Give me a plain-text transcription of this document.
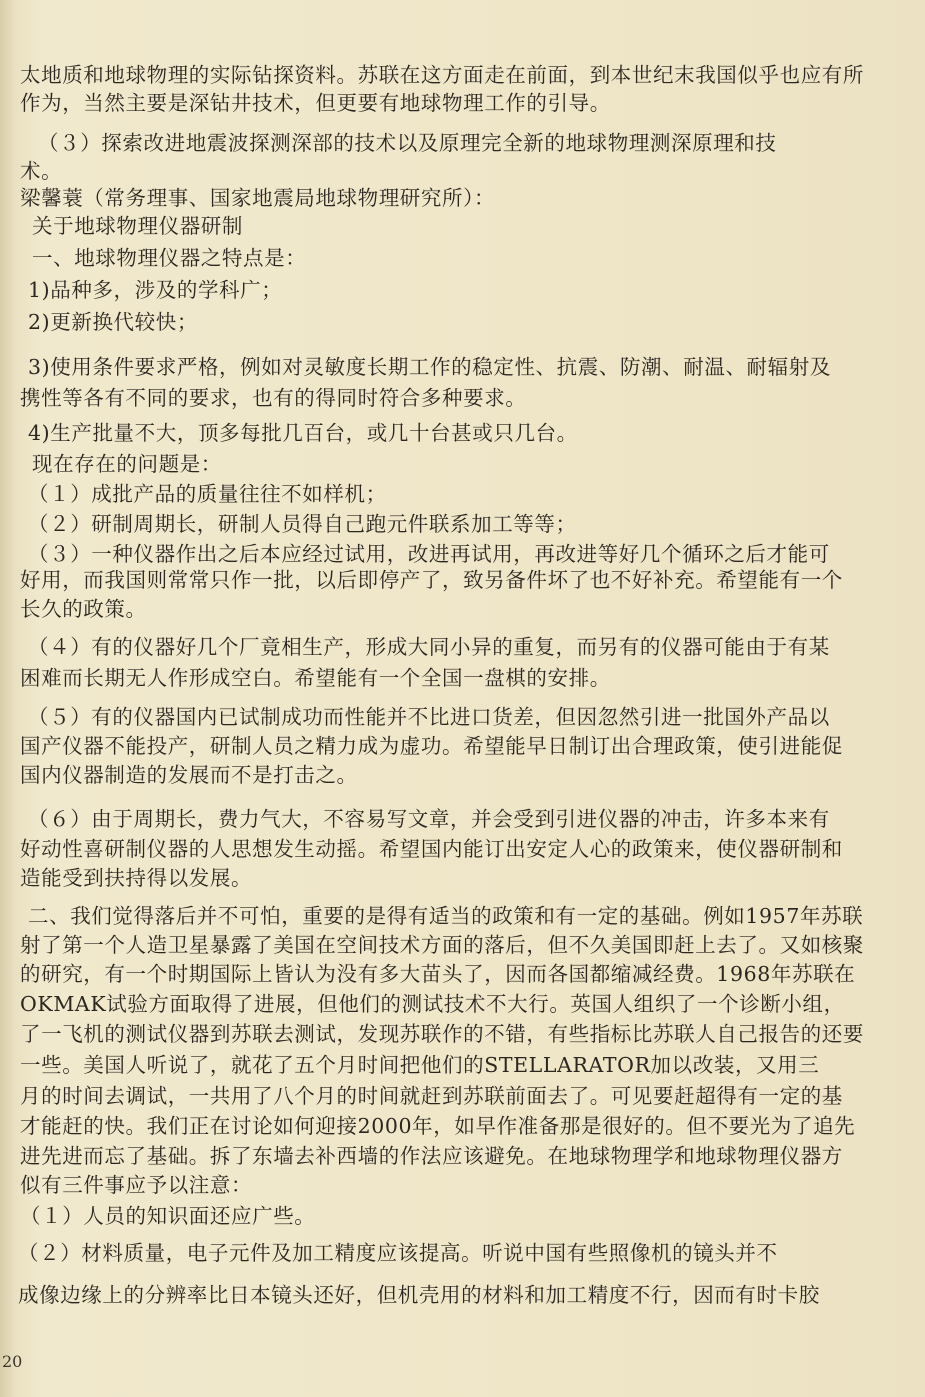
太地质和地球物理的实际钻探资料。苏联在这方面走在前面，到本世纪末我国似乎也应有所
作为，当然主要是深钻井技术，但更要有地球物理工作的引导。
（３）探索改进地震波探测深部的技术以及原理完全新的地球物理测深原理和技
术。
梁馨蓑（常务理事、国家地震局地球物理研究所）：
关于地球物理仪器研制
一、地球物理仪器之特点是：
1)品种多，涉及的学科广；
2)更新换代较快；
3)使用条件要求严格，例如对灵敏度长期工作的稳定性、抗震、防潮、耐温、耐辐射及
携性等各有不同的要求，也有的得同时符合多种要求。
4)生产批量不大，顶多每批几百台，或几十台甚或只几台。
现在存在的问题是：
（１）成批产品的质量往往不如样机；
（２）研制周期长，研制人员得自己跑元件联系加工等等；
（３）一种仪器作出之后本应经过试用，改进再试用，再改进等好几个循环之后才能可
好用，而我国则常常只作一批，以后即停产了，致另备件坏了也不好补充。希望能有一个
长久的政策。
（４）有的仪器好几个厂竟相生产，形成大同小异的重复，而另有的仪器可能由于有某
困难而长期无人作形成空白。希望能有一个全国一盘棋的安排。
（５）有的仪器国内已试制成功而性能并不比进口货差，但因忽然引进一批国外产品以
国产仪器不能投产，研制人员之精力成为虚功。希望能早日制订出合理政策，使引进能促
国内仪器制造的发展而不是打击之。
（６）由于周期长，费力气大，不容易写文章，并会受到引进仪器的冲击，许多本来有
好动性喜研制仪器的人思想发生动摇。希望国内能订出安定人心的政策来，使仪器研制和
造能受到扶持得以发展。
二、我们觉得落后并不可怕，重要的是得有适当的政策和有一定的基础。例如1957年苏联
射了第一个人造卫星暴露了美国在空间技术方面的落后，但不久美国即赶上去了。又如核聚
的研究，有一个时期国际上皆认为没有多大苗头了，因而各国都缩减经费。1968年苏联在
OKMAK试验方面取得了进展，但他们的测试技术不大行。英国人组织了一个诊断小组，
了一飞机的测试仪器到苏联去测试，发现苏联作的不错，有些指标比苏联人自己报告的还要
一些。美国人听说了，就花了五个月时间把他们的STELLARATOR加以改装，又用三
月的时间去调试，一共用了八个月的时间就赶到苏联前面去了。可见要赶超得有一定的基
才能赶的快。我们正在讨论如何迎接2000年，如早作准备那是很好的。但不要光为了追先
进先进而忘了基础。拆了东墙去补西墙的作法应该避免。在地球物理学和地球物理仪器方
似有三件事应予以注意：
（１）人员的知识面还应广些。
（２）材料质量，电子元件及加工精度应该提高。听说中国有些照像机的镜头并不
成像边缘上的分辨率比日本镜头还好，但机壳用的材料和加工精度不行，因而有时卡胶
20
